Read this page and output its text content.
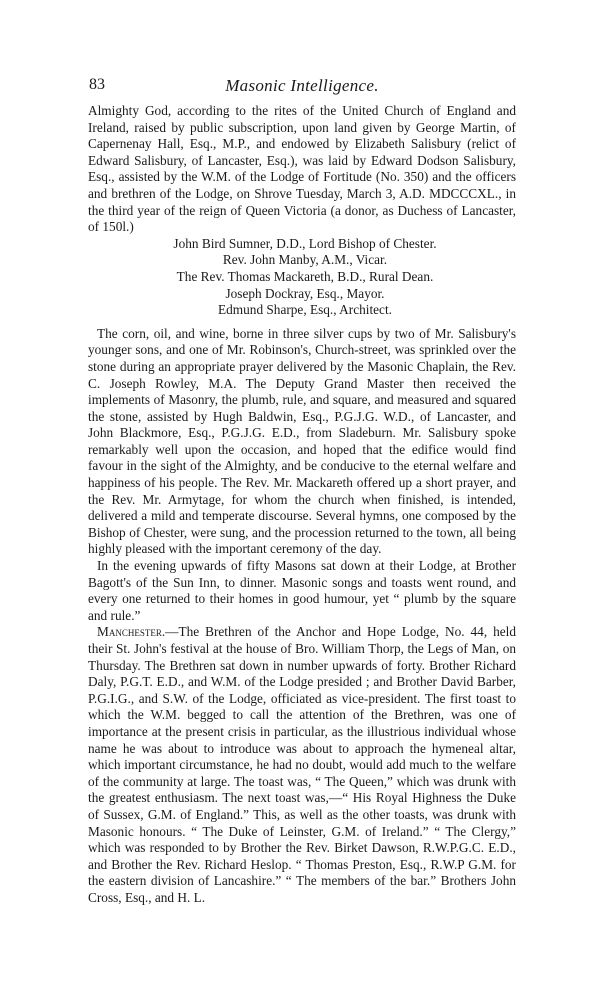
83	Masonic Intelligence.

Almighty God, according to the rites of the United Church of England and Ireland, raised by public subscription, upon land given by George Martin, of Capernenay Hall, Esq., M.P., and endowed by Elizabeth Salisbury (relict of Edward Salisbury, of Lancaster, Esq.), was laid by Edward Dodson Salisbury, Esq., assisted by the W.M. of the Lodge of Fortitude (No. 350) and the officers and brethren of the Lodge, on Shrove Tuesday, March 3, A.D. MDCCCXL., in the third year of the reign of Queen Victoria (a donor, as Duchess of Lancaster, of 150l.)

John Bird Sumner, D.D., Lord Bishop of Chester.
Rev. John Manby, A.M., Vicar.
The Rev. Thomas Mackareth, B.D., Rural Dean.
Joseph Dockray, Esq., Mayor.
Edmund Sharpe, Esq., Architect.

The corn, oil, and wine, borne in three silver cups by two of Mr. Salisbury's younger sons, and one of Mr. Robinson's, Church-street, was sprinkled over the stone during an appropriate prayer delivered by the Masonic Chaplain, the Rev. C. Joseph Rowley, M.A. The Deputy Grand Master then received the implements of Masonry, the plumb, rule, and square, and measured and squared the stone, assisted by Hugh Baldwin, Esq., P.G.J.G. W.D., of Lancaster, and John Blackmore, Esq., P.G.J.G. E.D., from Sladeburn. Mr. Salisbury spoke remarkably well upon the occasion, and hoped that the edifice would find favour in the sight of the Almighty, and be conducive to the eternal welfare and happiness of his people. The Rev. Mr. Mackareth offered up a short prayer, and the Rev. Mr. Armytage, for whom the church when finished, is intended, delivered a mild and temperate discourse. Several hymns, one composed by the Bishop of Chester, were sung, and the procession returned to the town, all being highly pleased with the important ceremony of the day.

In the evening upwards of fifty Masons sat down at their Lodge, at Brother Bagott's of the Sun Inn, to dinner. Masonic songs and toasts went round, and every one returned to their homes in good humour, yet “ plumb by the square and rule.”

Manchester.—The Brethren of the Anchor and Hope Lodge, No. 44, held their St. John's festival at the house of Bro. William Thorp, the Legs of Man, on Thursday. The Brethren sat down in number upwards of forty. Brother Richard Daly, P.G.T. E.D., and W.M. of the Lodge presided ; and Brother David Barber, P.G.I.G., and S.W. of the Lodge, officiated as vice-president. The first toast to which the W.M. begged to call the attention of the Brethren, was one of importance at the present crisis in particular, as the illustrious individual whose name he was about to introduce was about to approach the hymeneal altar, which important circumstance, he had no doubt, would add much to the welfare of the community at large. The toast was, “ The Queen,” which was drunk with the greatest enthusiasm. The next toast was,—“ His Royal Highness the Duke of Sussex, G.M. of England.” This, as well as the other toasts, was drunk with Masonic honours. “ The Duke of Leinster, G.M. of Ireland.” “ The Clergy,” which was responded to by Brother the Rev. Birket Dawson, R.W.P.G.C. E.D., and Brother the Rev. Richard Heslop. “ Thomas Preston, Esq., R.W.P G.M. for the eastern division of Lancashire.” “ The members of the bar.” Brothers John Cross, Esq., and H. L.
